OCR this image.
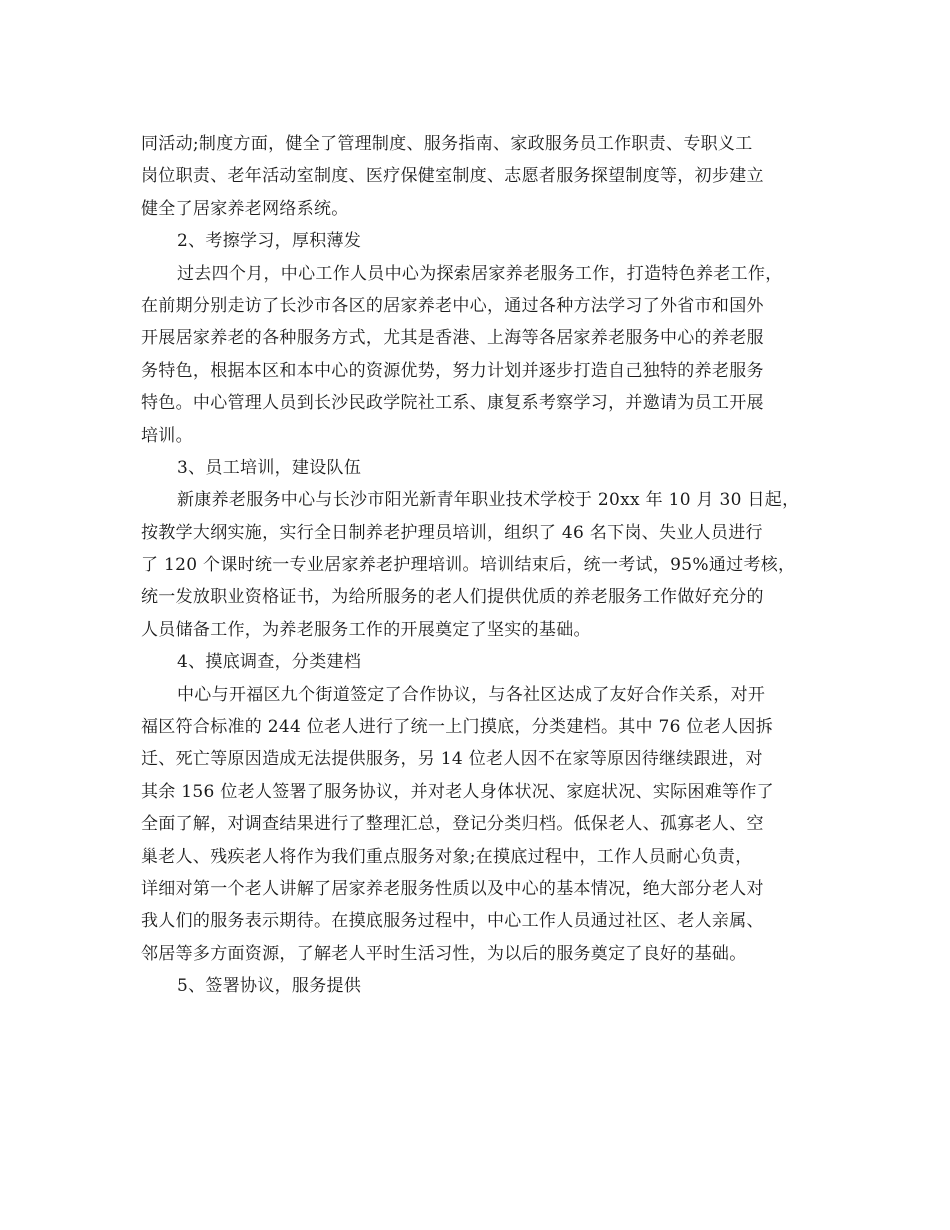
同活动;制度方面，健全了管理制度、服务指南、家政服务员工作职责、专职义工
岗位职责、老年活动室制度、医疗保健室制度、志愿者服务探望制度等，初步建立
健全了居家养老网络系统。
2、考擦学习，厚积薄发
过去四个月，中心工作人员中心为探索居家养老服务工作，打造特色养老工作，
在前期分别走访了长沙市各区的居家养老中心，通过各种方法学习了外省市和国外
开展居家养老的各种服务方式，尤其是香港、上海等各居家养老服务中心的养老服
务特色，根据本区和本中心的资源优势，努力计划并逐步打造自己独特的养老服务
特色。中心管理人员到长沙民政学院社工系、康复系考察学习，并邀请为员工开展
培训。
3、员工培训，建设队伍
新康养老服务中心与长沙市阳光新青年职业技术学校于 20xx 年 10 月 30 日起，
按教学大纲实施，实行全日制养老护理员培训，组织了 46 名下岗、失业人员进行
了 120 个课时统一专业居家养老护理培训。培训结束后，统一考试，95%通过考核，
统一发放职业资格证书，为给所服务的老人们提供优质的养老服务工作做好充分的
人员储备工作，为养老服务工作的开展奠定了坚实的基础。
4、摸底调查，分类建档
中心与开福区九个街道签定了合作协议，与各社区达成了友好合作关系，对开
福区符合标准的 244 位老人进行了统一上门摸底，分类建档。其中 76 位老人因拆
迁、死亡等原因造成无法提供服务，另 14 位老人因不在家等原因待继续跟进，对
其余 156 位老人签署了服务协议，并对老人身体状况、家庭状况、实际困难等作了
全面了解，对调查结果进行了整理汇总，登记分类归档。低保老人、孤寡老人、空
巢老人、残疾老人将作为我们重点服务对象;在摸底过程中，工作人员耐心负责，
详细对第一个老人讲解了居家养老服务性质以及中心的基本情况，绝大部分老人对
我人们的服务表示期待。在摸底服务过程中，中心工作人员通过社区、老人亲属、
邻居等多方面资源，了解老人平时生活习性，为以后的服务奠定了良好的基础。
5、签署协议，服务提供
